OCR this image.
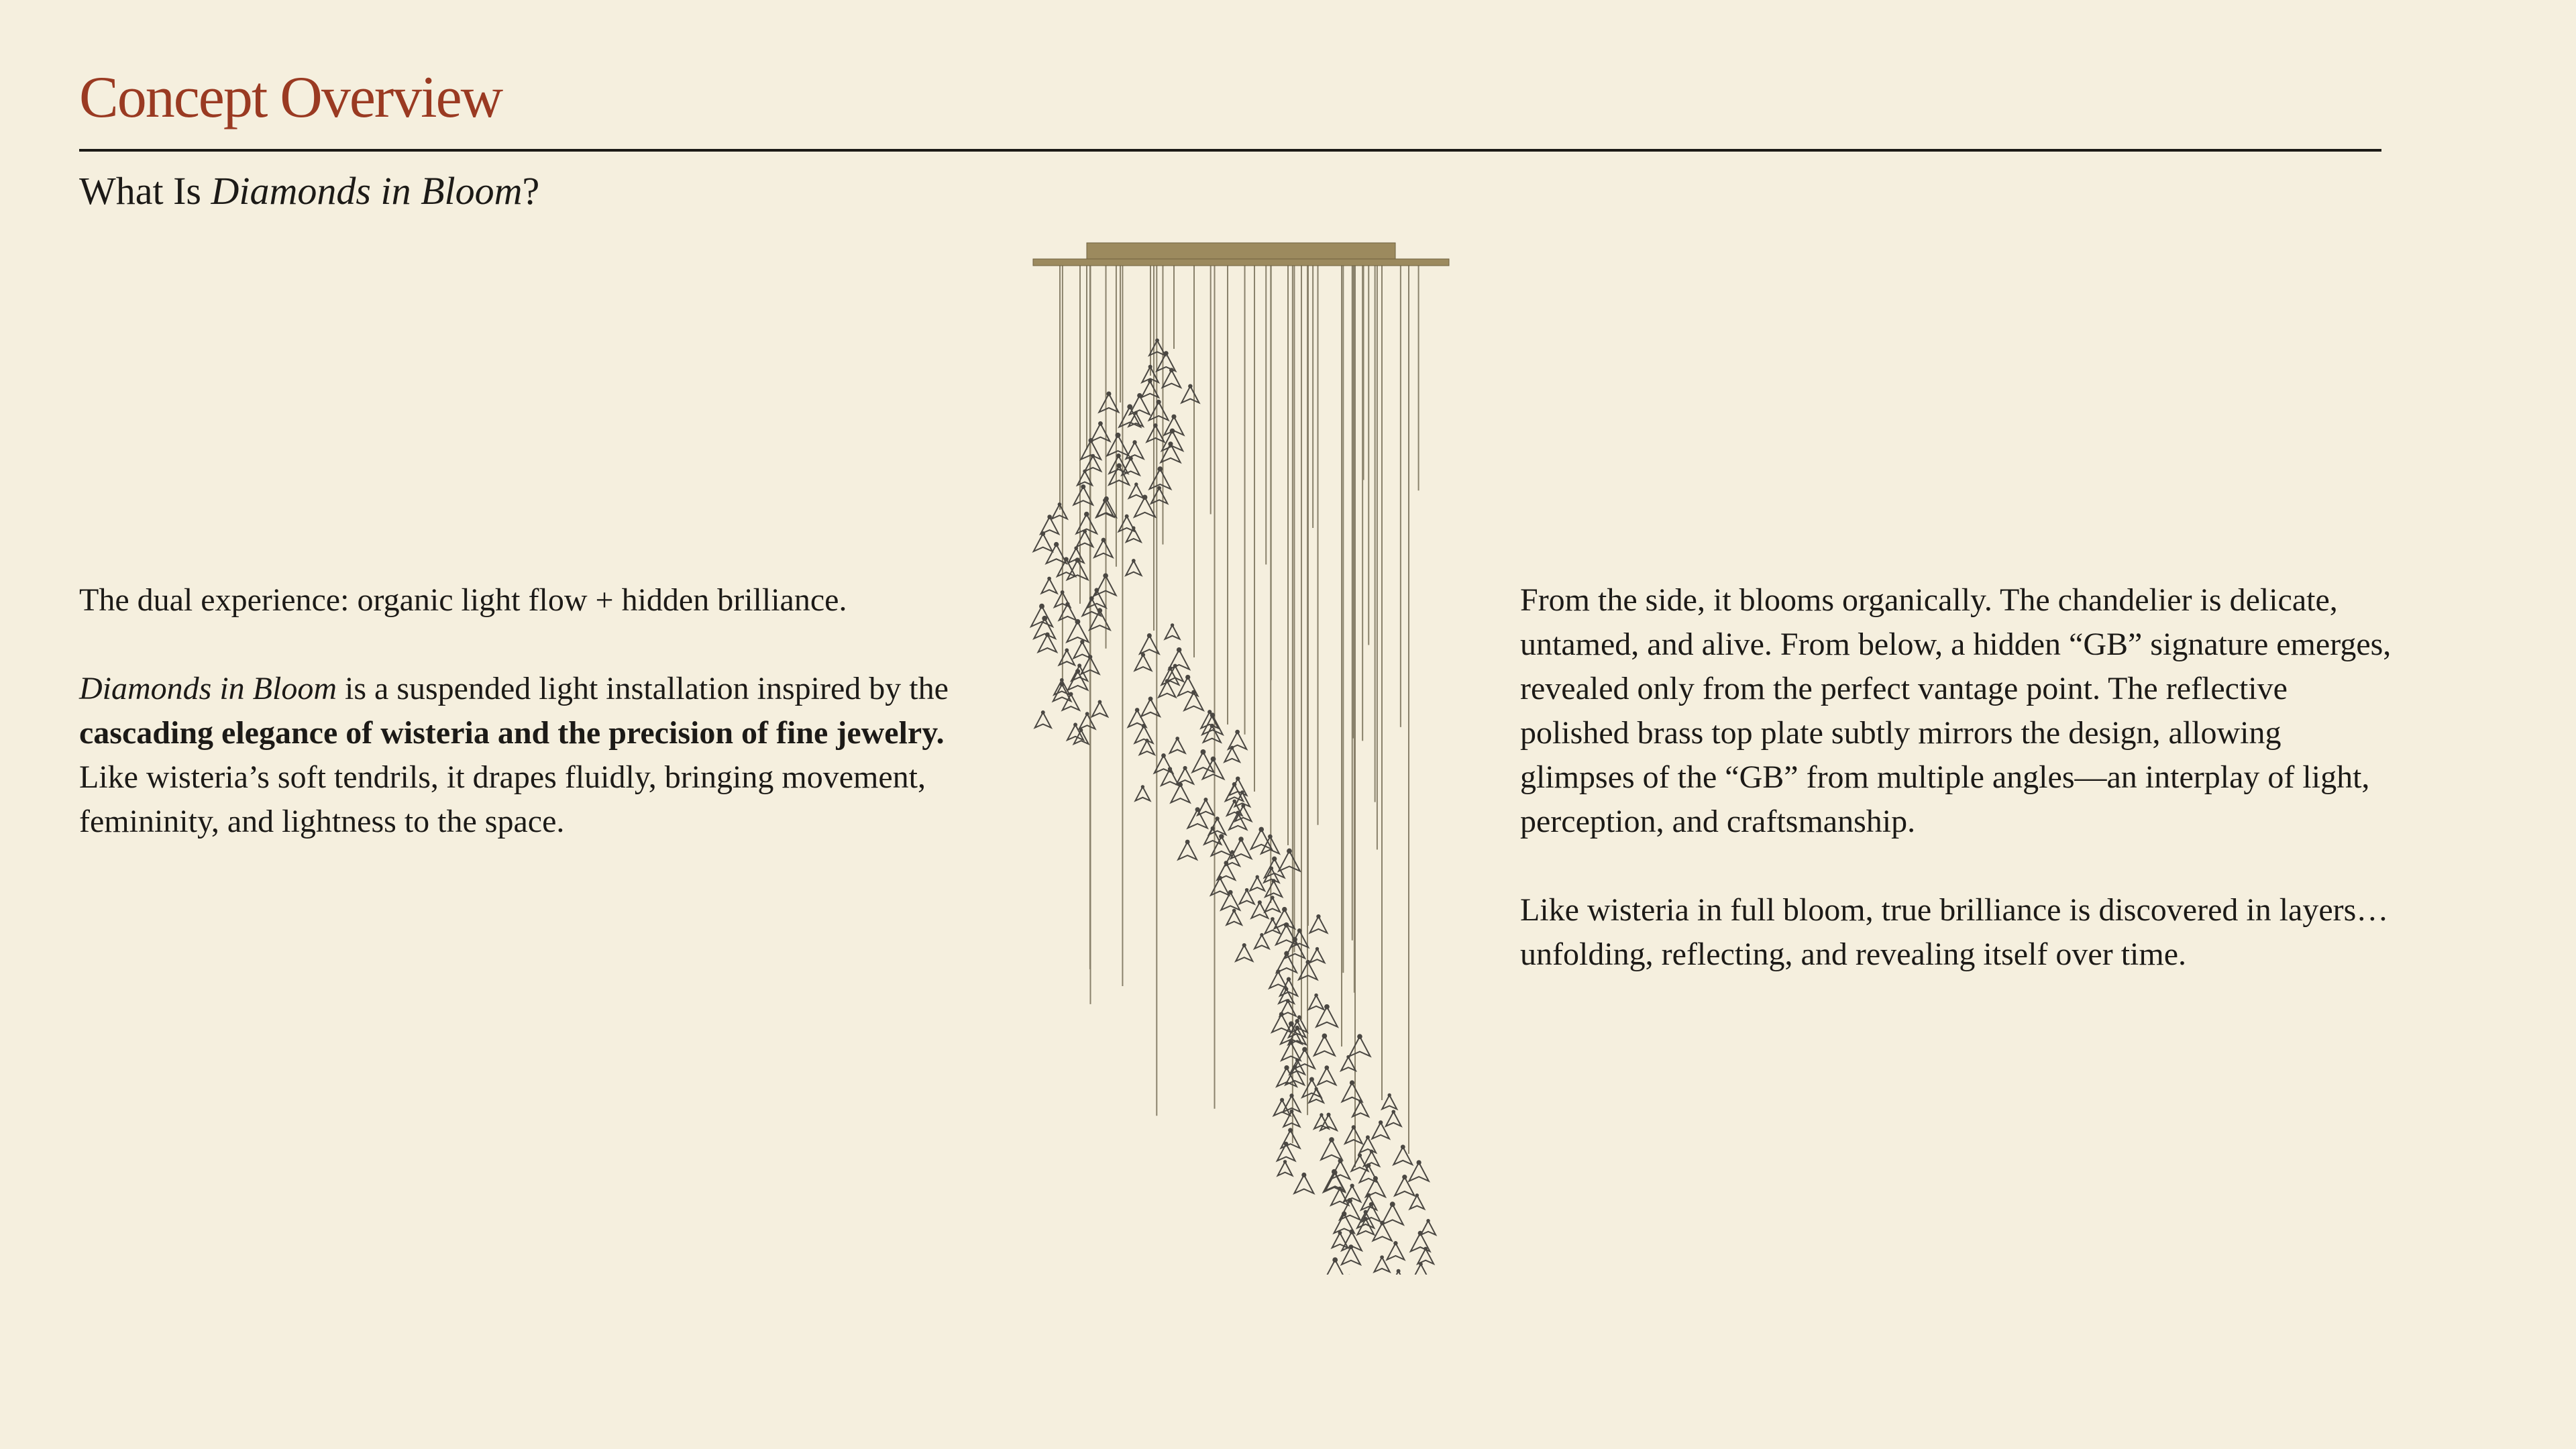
Concept Overview
What Is Diamonds in Bloom?

The dual experience: organic light flow + hidden brilliance.

Diamonds in Bloom is a suspended light installation inspired by the cascading elegance of wisteria and the precision of fine jewelry. Like wisteria’s soft tendrils, it drapes fluidly, bringing movement, femininity, and lightness to the space.

From the side, it blooms organically. The chandelier is delicate, untamed, and alive. From below, a hidden “GB” signature emerges, revealed only from the perfect vantage point. The reflective polished brass top plate subtly mirrors the design, allowing glimpses of the “GB” from multiple angles—an interplay of light, perception, and craftsmanship.

Like wisteria in full bloom, true brilliance is discovered in layers… unfolding, reflecting, and revealing itself over time.
